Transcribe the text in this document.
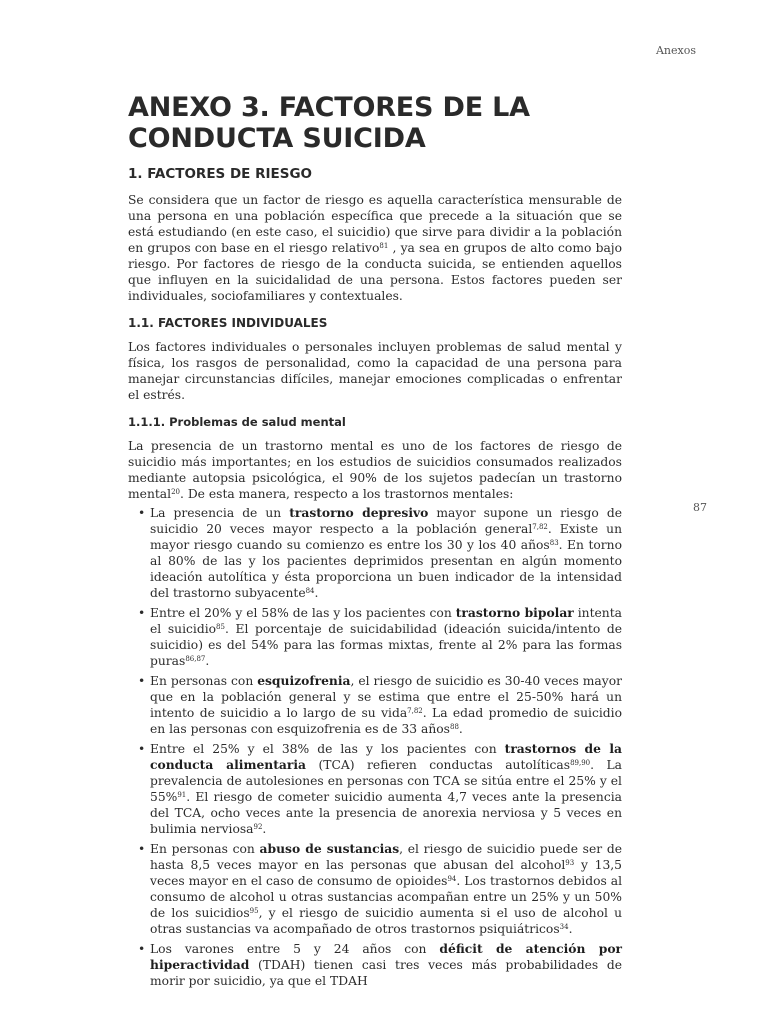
Anexos
87
ANEXO 3. FACTORES DE LA
CONDUCTA SUICIDA
1. FACTORES DE RIESGO

Se considera que un factor de riesgo es aquella característica mensurable de una persona en una población específica que precede a la situación que se está estudiando (en este caso, el suicidio) que sirve para dividir a la población en grupos con base en el riesgo relativo$^{81}$ , ya sea en grupos de alto como bajo riesgo. Por factores de riesgo de la conducta suicida, se entienden aquellos que influyen en la suicidalidad de una persona. Estos factores pueden ser individuales, sociofamiliares y contextuales.

1.1. FACTORES INDIVIDUALES

Los factores individuales o personales incluyen problemas de salud mental y física, los rasgos de personalidad, como la capacidad de una persona para manejar circunstancias difíciles, manejar emociones complicadas o enfrentar el estrés.

1.1.1. Problemas de salud mental

La presencia de un trastorno mental es uno de los factores de riesgo de suicidio más importantes; en los estudios de suicidios consumados realizados mediante autopsia psicológica, el 90% de los sujetos padecían un trastorno mental$^{20}$. De esta manera, respecto a los trastornos mentales:

• La presencia de un trastorno depresivo mayor supone un riesgo de suicidio 20 veces mayor respecto a la población general$^{7,82}$. Existe un mayor riesgo cuando su comienzo es entre los 30 y los 40 años$^{83}$. En torno al 80% de las y los pacientes deprimidos presentan en algún momento ideación autolítica y ésta proporciona un buen indicador de la intensidad del trastorno subyacente$^{84}$.
• Entre el 20% y el 58% de las y los pacientes con trastorno bipolar intenta el suicidio$^{85}$. El porcentaje de suicidabilidad (ideación suicida/intento de suicidio) es del 54% para las formas mixtas, frente al 2% para las formas puras$^{86,87}$.
• En personas con esquizofrenia, el riesgo de suicidio es 30-40 veces mayor que en la población general y se estima que entre el 25-50% hará un intento de suicidio a lo largo de su vida$^{7,82}$. La edad promedio de suicidio en las personas con esquizofrenia es de 33 años$^{88}$.
• Entre el 25% y el 38% de las y los pacientes con trastornos de la conducta alimentaria (TCA) refieren conductas autolíticas$^{89,90}$. La prevalencia de autolesiones en personas con TCA se sitúa entre el 25% y el 55%$^{91}$. El riesgo de cometer suicidio aumenta 4,7 veces ante la presencia del TCA, ocho veces ante la presencia de anorexia nerviosa y 5 veces en bulimia nerviosa$^{92}$.
• En personas con abuso de sustancias, el riesgo de suicidio puede ser de hasta 8,5 veces mayor en las personas que abusan del alcohol$^{93}$ y 13,5 veces mayor en el caso de consumo de opioides$^{94}$. Los trastornos debidos al consumo de alcohol u otras sustancias acompañan entre un 25% y un 50% de los suicidios$^{95}$, y el riesgo de suicidio aumenta si el uso de alcohol u otras sustancias va acompañado de otros trastornos psiquiátricos$^{34}$.
• Los varones entre 5 y 24 años con déficit de atención por hiperactividad (TDAH) tienen casi tres veces más probabilidades de morir por suicidio, ya que el TDAH
